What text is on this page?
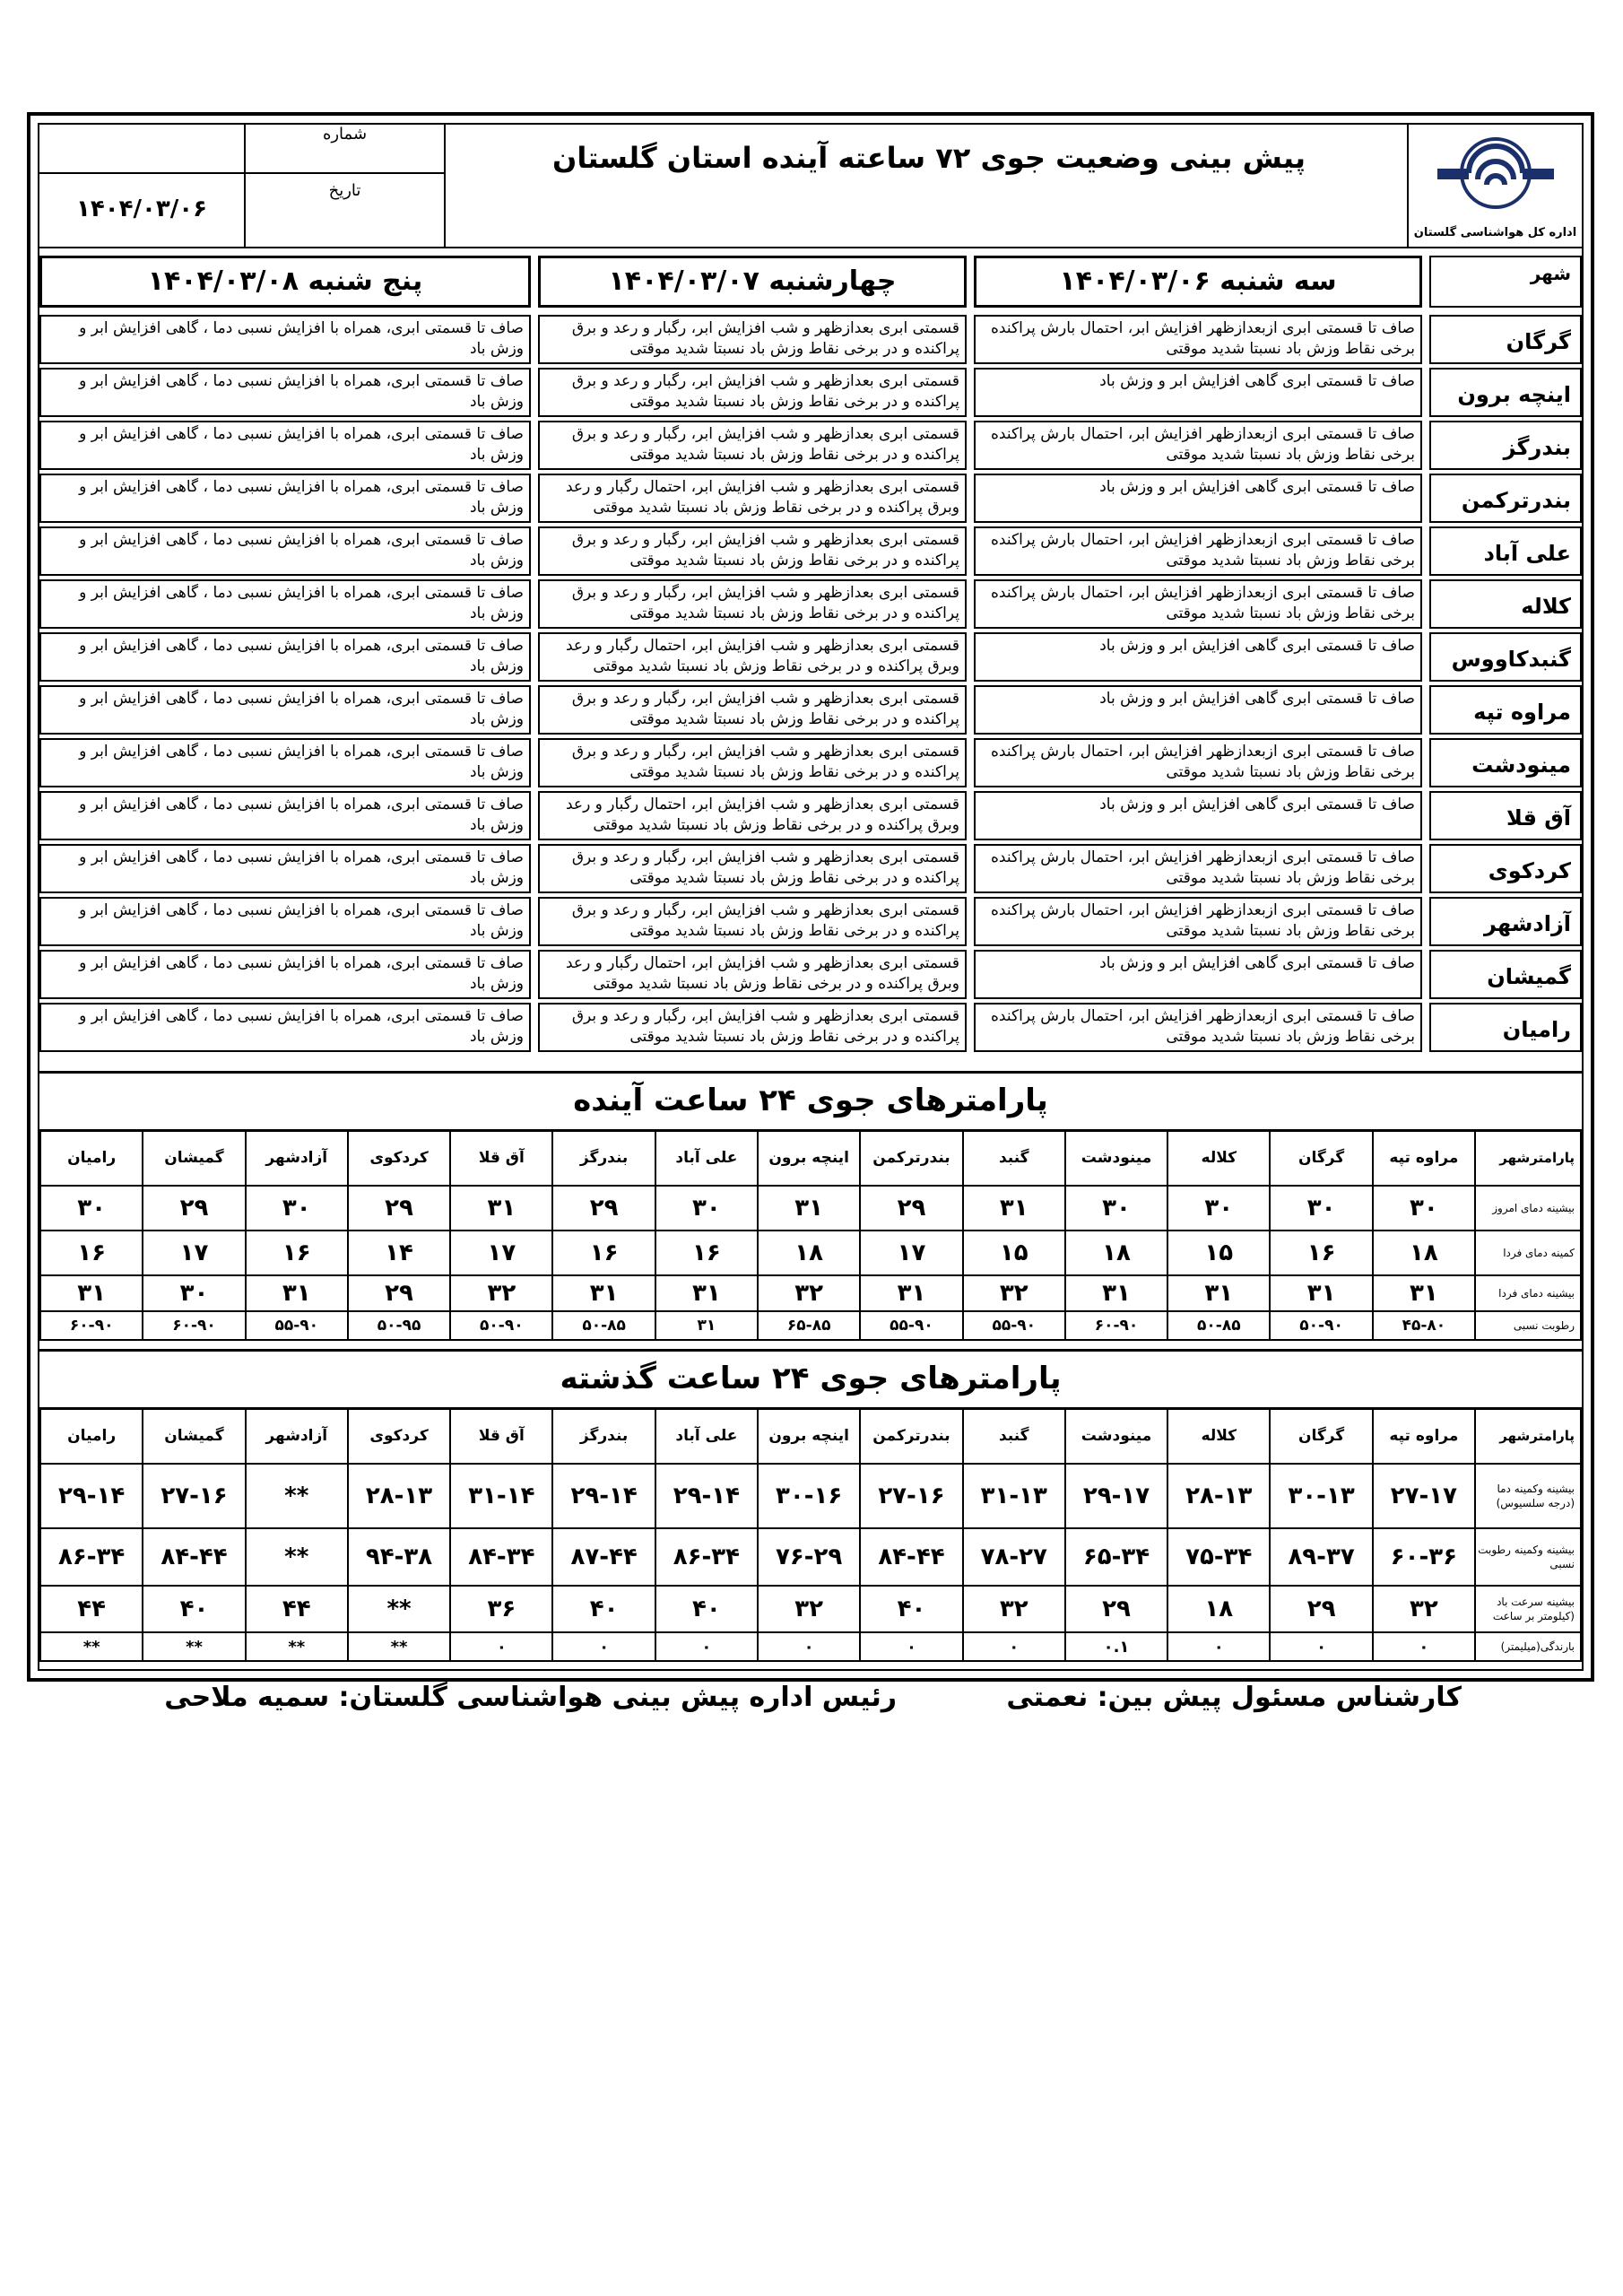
شماره
۱۴۰۴/۰۳/۰۶
تاریخ
پیش بینی وضعیت جوی ۷۲ ساعته آینده استان گلستان
اداره کل هواشناسی گلستان
شهر
سه شنبه ۱۴۰۴/۰۳/۰۶
چهارشنبه ۱۴۰۴/۰۳/۰۷
پنج شنبه ۱۴۰۴/۰۳/۰۸
گرگان
صاف تا قسمتی ابری ازبعدازظهر افزایش ابر، احتمال بارش پراکنده برخی نقاط وزش باد نسبتا شدید موقتی
قسمتی ابری بعدازظهر و شب افزایش ابر، رگبار و رعد و برق پراکنده و در برخی نقاط وزش باد نسبتا شدید موقتی
صاف تا قسمتی ابری، همراه با افزایش نسبی دما ، گاهی افزایش ابر و وزش باد
اینچه برون
صاف تا قسمتی ابری گاهی افزایش ابر و وزش باد
قسمتی ابری بعدازظهر و شب افزایش ابر، رگبار و رعد و برق پراکنده و در برخی نقاط وزش باد نسبتا شدید موقتی
صاف تا قسمتی ابری، همراه با افزایش نسبی دما ، گاهی افزایش ابر و وزش باد
بندرگز
صاف تا قسمتی ابری ازبعدازظهر افزایش ابر، احتمال بارش پراکنده برخی نقاط وزش باد نسبتا شدید موقتی
قسمتی ابری بعدازظهر و شب افزایش ابر، رگبار و رعد و برق پراکنده و در برخی نقاط وزش باد نسبتا شدید موقتی
صاف تا قسمتی ابری، همراه با افزایش نسبی دما ، گاهی افزایش ابر و وزش باد
بندرترکمن
صاف تا قسمتی ابری گاهی افزایش ابر و وزش باد
قسمتی ابری بعدازظهر و شب افزایش ابر، احتمال رگبار و رعد وبرق پراکنده و در برخی نقاط وزش باد نسبتا شدید موقتی
صاف تا قسمتی ابری، همراه با افزایش نسبی دما ، گاهی افزایش ابر و وزش باد
علی آباد
صاف تا قسمتی ابری ازبعدازظهر افزایش ابر، احتمال بارش پراکنده برخی نقاط وزش باد نسبتا شدید موقتی
قسمتی ابری بعدازظهر و شب افزایش ابر، رگبار و رعد و برق پراکنده و در برخی نقاط وزش باد نسبتا شدید موقتی
صاف تا قسمتی ابری، همراه با افزایش نسبی دما ، گاهی افزایش ابر و وزش باد
کلاله
صاف تا قسمتی ابری ازبعدازظهر افزایش ابر، احتمال بارش پراکنده برخی نقاط وزش باد نسبتا شدید موقتی
قسمتی ابری بعدازظهر و شب افزایش ابر، رگبار و رعد و برق پراکنده و در برخی نقاط وزش باد نسبتا شدید موقتی
صاف تا قسمتی ابری، همراه با افزایش نسبی دما ، گاهی افزایش ابر و وزش باد
گنبدکاووس
صاف تا قسمتی ابری گاهی افزایش ابر و وزش باد
قسمتی ابری بعدازظهر و شب افزایش ابر، احتمال رگبار و رعد وبرق پراکنده و در برخی نقاط وزش باد نسبتا شدید موقتی
صاف تا قسمتی ابری، همراه با افزایش نسبی دما ، گاهی افزایش ابر و وزش باد
مراوه تپه
صاف تا قسمتی ابری گاهی افزایش ابر و وزش باد
قسمتی ابری بعدازظهر و شب افزایش ابر، رگبار و رعد و برق پراکنده و در برخی نقاط وزش باد نسبتا شدید موقتی
صاف تا قسمتی ابری، همراه با افزایش نسبی دما ، گاهی افزایش ابر و وزش باد
مینودشت
صاف تا قسمتی ابری ازبعدازظهر افزایش ابر، احتمال بارش پراکنده برخی نقاط وزش باد نسبتا شدید موقتی
قسمتی ابری بعدازظهر و شب افزایش ابر، رگبار و رعد و برق پراکنده و در برخی نقاط وزش باد نسبتا شدید موقتی
صاف تا قسمتی ابری، همراه با افزایش نسبی دما ، گاهی افزایش ابر و وزش باد
آق قلا
صاف تا قسمتی ابری گاهی افزایش ابر و وزش باد
قسمتی ابری بعدازظهر و شب افزایش ابر، احتمال رگبار و رعد وبرق پراکنده و در برخی نقاط وزش باد نسبتا شدید موقتی
صاف تا قسمتی ابری، همراه با افزایش نسبی دما ، گاهی افزایش ابر و وزش باد
کردکوی
صاف تا قسمتی ابری ازبعدازظهر افزایش ابر، احتمال بارش پراکنده برخی نقاط وزش باد نسبتا شدید موقتی
قسمتی ابری بعدازظهر و شب افزایش ابر، رگبار و رعد و برق پراکنده و در برخی نقاط وزش باد نسبتا شدید موقتی
صاف تا قسمتی ابری، همراه با افزایش نسبی دما ، گاهی افزایش ابر و وزش باد
آزادشهر
صاف تا قسمتی ابری ازبعدازظهر افزایش ابر، احتمال بارش پراکنده برخی نقاط وزش باد نسبتا شدید موقتی
قسمتی ابری بعدازظهر و شب افزایش ابر، رگبار و رعد و برق پراکنده و در برخی نقاط وزش باد نسبتا شدید موقتی
صاف تا قسمتی ابری، همراه با افزایش نسبی دما ، گاهی افزایش ابر و وزش باد
گمیشان
صاف تا قسمتی ابری گاهی افزایش ابر و وزش باد
قسمتی ابری بعدازظهر و شب افزایش ابر، احتمال رگبار و رعد وبرق پراکنده و در برخی نقاط وزش باد نسبتا شدید موقتی
صاف تا قسمتی ابری، همراه با افزایش نسبی دما ، گاهی افزایش ابر و وزش باد
رامیان
صاف تا قسمتی ابری ازبعدازظهر افزایش ابر، احتمال بارش پراکنده برخی نقاط وزش باد نسبتا شدید موقتی
قسمتی ابری بعدازظهر و شب افزایش ابر، رگبار و رعد و برق پراکنده و در برخی نقاط وزش باد نسبتا شدید موقتی
صاف تا قسمتی ابری، همراه با افزایش نسبی دما ، گاهی افزایش ابر و وزش باد
پارامترهای جوی ۲۴ ساعت آینده
پارامترشهر	مراوه تپه	گرگان	کلاله	مینودشت	گنبد	بندرترکمن	اینچه برون	علی آباد	بندرگز	آق قلا	کردکوی	آزادشهر	گمیشان	رامیان
بیشینه دمای امروز	۳۰	۳۰	۳۰	۳۰	۳۱	۲۹	۳۱	۳۰	۲۹	۳۱	۲۹	۳۰	۲۹	۳۰
کمینه دمای فردا	۱۸	۱۶	۱۵	۱۸	۱۵	۱۷	۱۸	۱۶	۱۶	۱۷	۱۴	۱۶	۱۷	۱۶
بیشینه دمای فردا	۳۱	۳۱	۳۱	۳۱	۳۲	۳۱	۳۲	۳۱	۳۱	۳۲	۲۹	۳۱	۳۰	۳۱
رطوبت نسبی	۴۵-۸۰	۵۰-۹۰	۵۰-۸۵	۶۰-۹۰	۵۵-۹۰	۵۵-۹۰	۶۵-۸۵	۳۱	۵۰-۸۵	۵۰-۹۰	۵۰-۹۵	۵۵-۹۰	۶۰-۹۰	۶۰-۹۰
پارامترهای جوی ۲۴ ساعت گذشته
پارامترشهر	مراوه تپه	گرگان	کلاله	مینودشت	گنبد	بندرترکمن	اینچه برون	علی آباد	بندرگز	آق قلا	کردکوی	آزادشهر	گمیشان	رامیان
بیشینه وکمینه دما (درجه سلسیوس)	۲۷-۱۷	۳۰-۱۳	۲۸-۱۳	۲۹-۱۷	۳۱-۱۳	۲۷-۱۶	۳۰-۱۶	۲۹-۱۴	۲۹-۱۴	۳۱-۱۴	۲۸-۱۳	**	۲۷-۱۶	۲۹-۱۴
بیشینه وکمینه رطوبت نسبی	۶۰-۳۶	۸۹-۳۷	۷۵-۳۴	۶۵-۳۴	۷۸-۲۷	۸۴-۴۴	۷۶-۲۹	۸۶-۳۴	۸۷-۴۴	۸۴-۳۴	۹۴-۳۸	**	۸۴-۴۴	۸۶-۳۴
بیشینه سرعت باد (کیلومتر بر ساعت	۳۲	۲۹	۱۸	۲۹	۳۲	۴۰	۳۲	۴۰	۴۰	۳۶	**	۴۴	۴۰	۴۴
بارندگی(میلیمتر)	۰	۰	۰	۰.۱	۰	۰	۰	۰	۰	۰	**	**	**	**
کارشناس مسئول پیش بین: نعمتی
رئیس اداره پیش بینی هواشناسی گلستان: سمیه ملاحی
